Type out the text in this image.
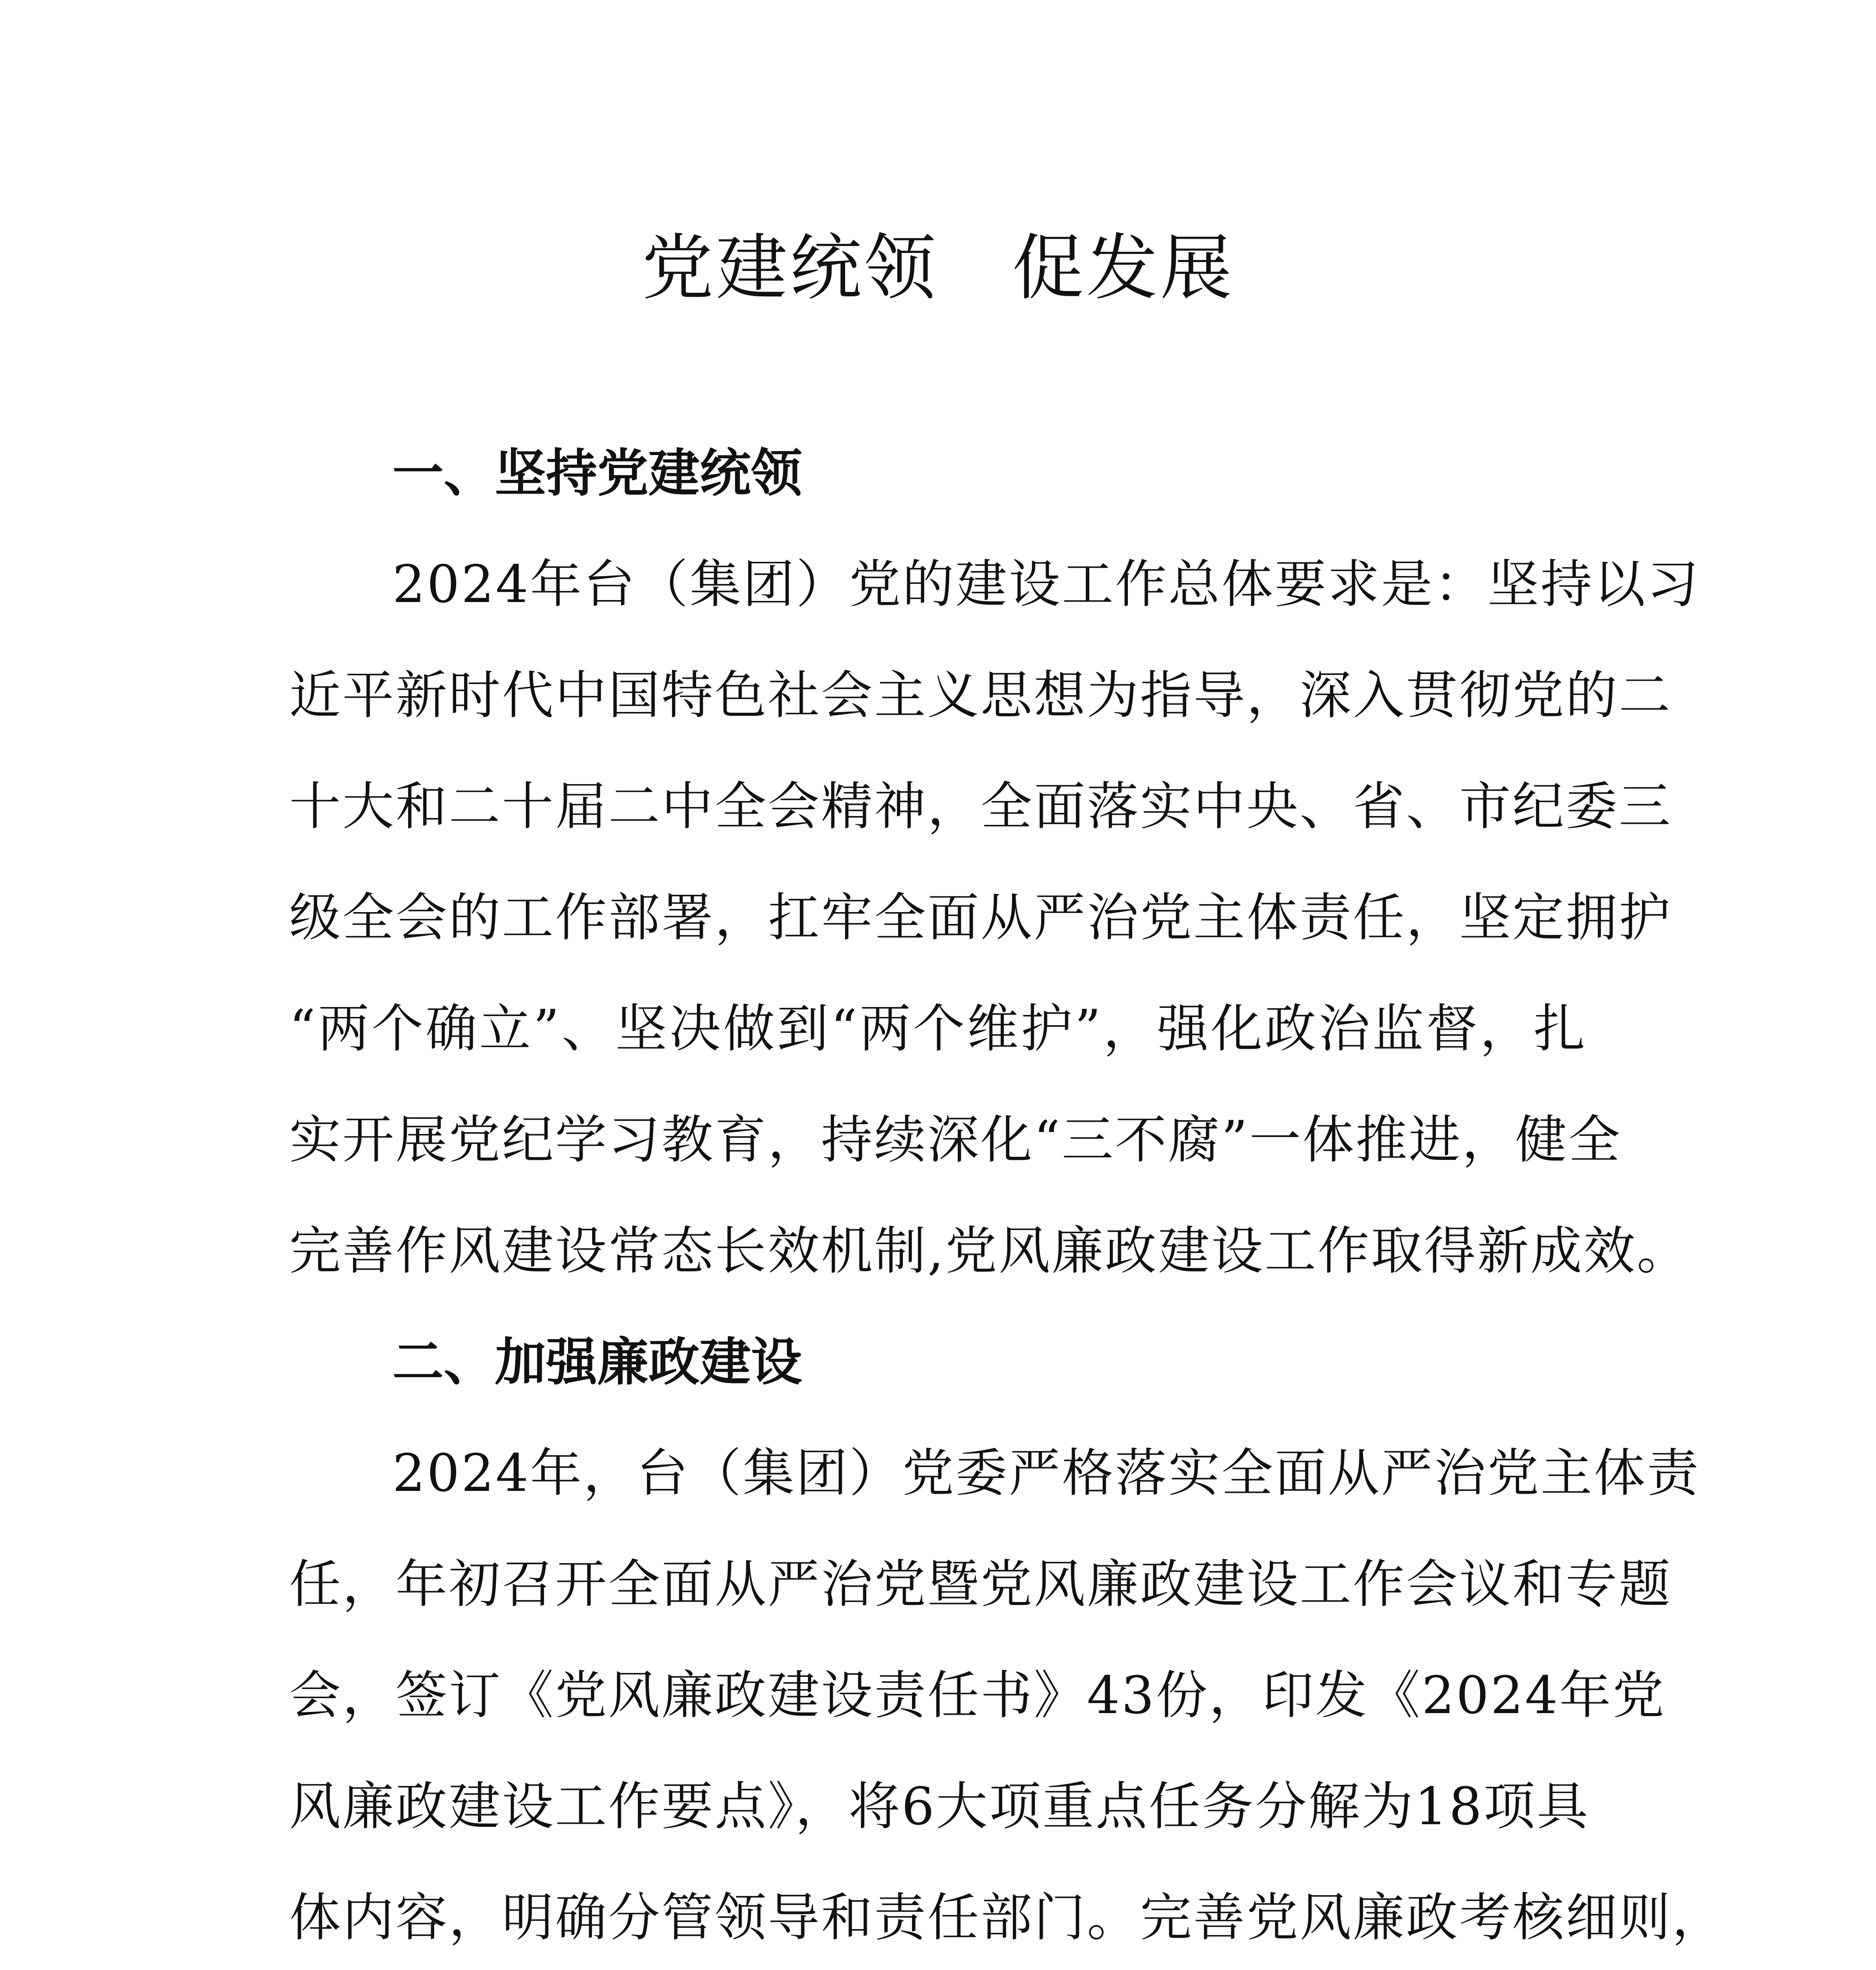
党建统领　促发展
一、坚持党建统领
2024年台（集团）党的建设工作总体要求是：坚持以习
近平新时代中国特色社会主义思想为指导，深入贯彻党的二
十大和二十届二中全会精神，全面落实中央、省、市纪委三
级全会的工作部署，扛牢全面从严治党主体责任，坚定拥护
“两个确立”、坚决做到“两个维护”，强化政治监督，扎
实开展党纪学习教育，持续深化“三不腐”一体推进，健全
完善作风建设常态长效机制,党风廉政建设工作取得新成效。
二、加强廉政建设
2024年，台（集团）党委严格落实全面从严治党主体责
任，年初召开全面从严治党暨党风廉政建设工作会议和专题
会，签订《党风廉政建设责任书》43份，印发《2024年党
风廉政建设工作要点》，将6大项重点任务分解为18项具
体内容，明确分管领导和责任部门。完善党风廉政考核细则，
